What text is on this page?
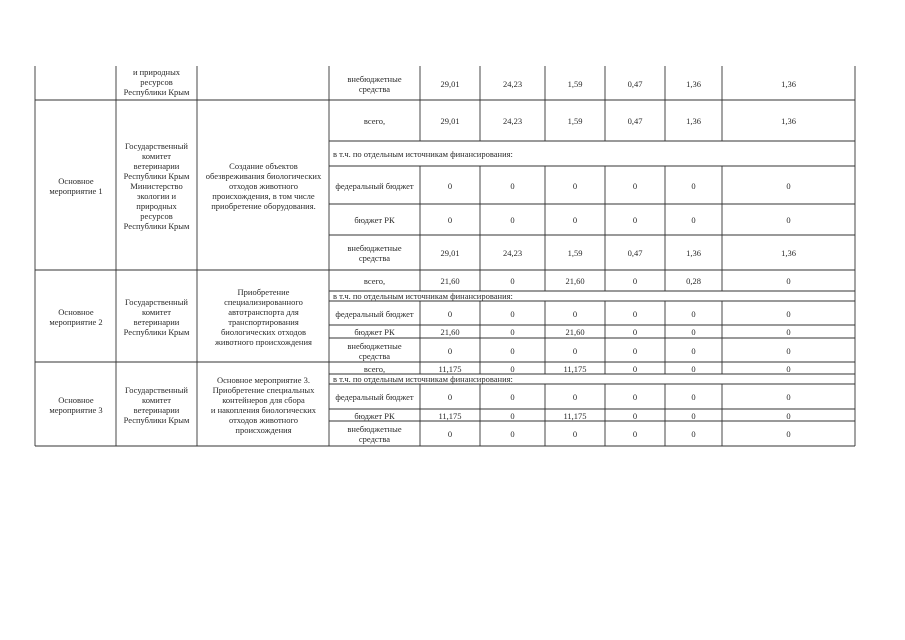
и природных
ресурсов
Республики Крым
внебюджетные
средства	29,01	24,23	1,59	0,47	1,36	1,36
Основное
мероприятие 1
Государственный
комитет
ветеринарии
Республики Крым
Министерство
экологии и
природных
ресурсов
Республики Крым
Создание объектов
обезвреживания биологических
отходов животного
происхождения, в том числе
приобретение оборудования.
всего,	29,01	24,23	1,59	0,47	1,36	1,36
в т.ч. по отдельным источникам финансирования:
федеральный бюджет	0	0	0	0	0	0
бюджет РК	0	0	0	0	0	0
внебюджетные
средства	29,01	24,23	1,59	0,47	1,36	1,36
Основное
мероприятие 2
Государственный
комитет
ветеринарии
Республики Крым
Приобретение
специализированного
автотранспорта для
транспортирования
биологических отходов
животного происхождения
всего,	21,60	0	21,60	0	0,28	0
в т.ч. по отдельным источникам финансирования:
федеральный бюджет	0	0	0	0	0	0
бюджет РК	21,60	0	21,60	0	0	0
внебюджетные
средства	0	0	0	0	0	0
Основное
мероприятие 3
Государственный
комитет
ветеринарии
Республики Крым
Основное мероприятие 3.
Приобретение специальных
контейнеров для сбора
и накопления биологических
отходов животного
происхождения
всего,	11,175	0	11,175	0	0	0
в т.ч. по отдельным источникам финансирования:
федеральный бюджет	0	0	0	0	0	0
бюджет РК	11,175	0	11,175	0	0	0
внебюджетные
средства	0	0	0	0	0	0
